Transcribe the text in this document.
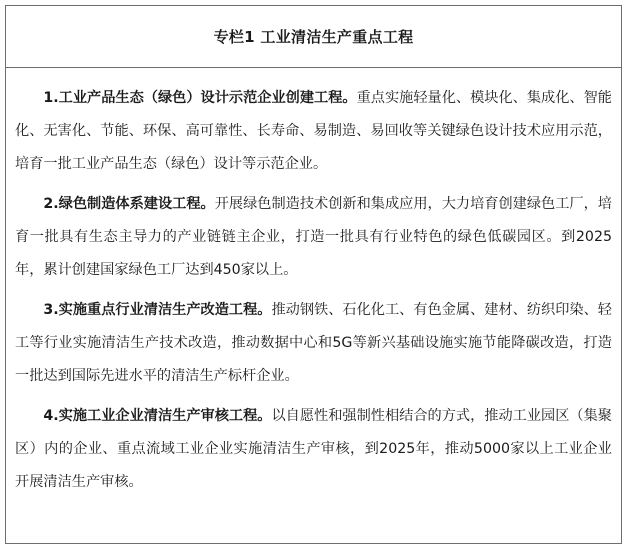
专栏1 工业清洁生产重点工程

1.工业产品生态（绿色）设计示范企业创建工程。重点实施轻量化、模块化、集成化、智能化、无害化、节能、环保、高可靠性、长寿命、易制造、易回收等关键绿色设计技术应用示范，培育一批工业产品生态（绿色）设计等示范企业。

2.绿色制造体系建设工程。开展绿色制造技术创新和集成应用，大力培育创建绿色工厂，培育一批具有生态主导力的产业链链主企业，打造一批具有行业特色的绿色低碳园区。到2025年，累计创建国家绿色工厂达到450家以上。

3.实施重点行业清洁生产改造工程。推动钢铁、石化化工、有色金属、建材、纺织印染、轻工等行业实施清洁生产技术改造，推动数据中心和5G等新兴基础设施实施节能降碳改造，打造一批达到国际先进水平的清洁生产标杆企业。

4.实施工业企业清洁生产审核工程。以自愿性和强制性相结合的方式，推动工业园区（集聚区）内的企业、重点流域工业企业实施清洁生产审核，到2025年，推动5000家以上工业企业开展清洁生产审核。
